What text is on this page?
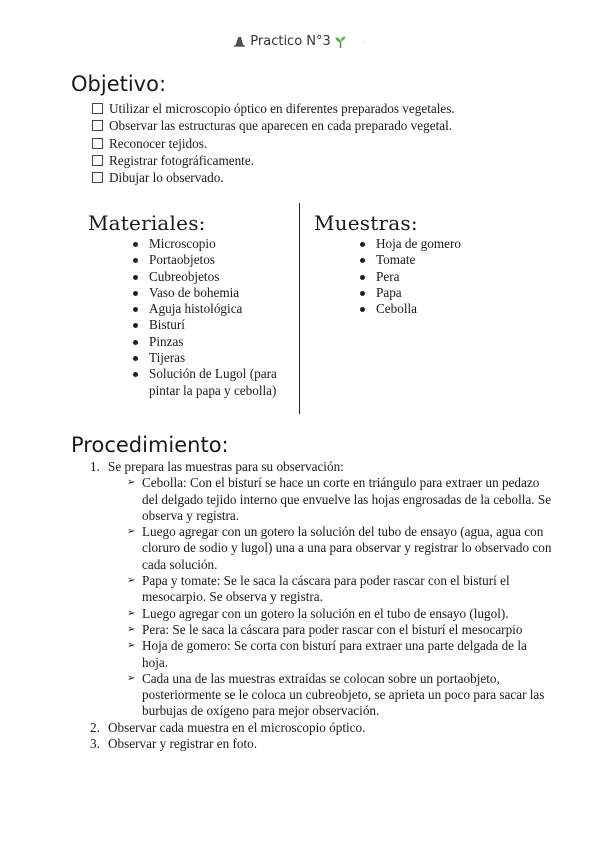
Practico N°3	...
Objetivo:
Utilizar el microscopio óptico en diferentes preparados vegetales.
Observar las estructuras que aparecen en cada preparado vegetal.
Reconocer tejidos.
Registrar fotográficamente.
Dibujar lo observado.
Materiales:
Microscopio
Portaobjetos
Cubreobjetos
Vaso de bohemia
Aguja histológica
Bisturí
Pinzas
Tijeras
Solución de Lugol (para pintar la papa y cebolla)
Muestras:
Hoja de gomero
Tomate
Pera
Papa
Cebolla
Procedimiento:
1. Se prepara las muestras para su observación:
➢ Cebolla: Con el bisturí se hace un corte en triángulo para extraer un pedazo del delgado tejido interno que envuelve las hojas engrosadas de la cebolla. Se observa y registra.
➢ Luego agregar con un gotero la solución del tubo de ensayo (agua, agua con cloruro de sodio y lugol) una a una para observar y registrar lo observado con cada solución.
➢ Papa y tomate: Se le saca la cáscara para poder rascar con el bisturí el mesocarpio. Se observa y registra.
➢ Luego agregar con un gotero la solución en el tubo de ensayo (lugol).
➢ Pera: Se le saca la cáscara para poder rascar con el bisturí el mesocarpio
➢ Hoja de gomero: Se corta con bisturí para extraer una parte delgada de la hoja.
➢ Cada una de las muestras extraídas se colocan sobre un portaobjeto, posteriormente se le coloca un cubreobjeto, se aprieta un poco para sacar las burbujas de oxígeno para mejor observación.
2. Observar cada muestra en el microscopio óptico.
3. Observar y registrar en foto.
